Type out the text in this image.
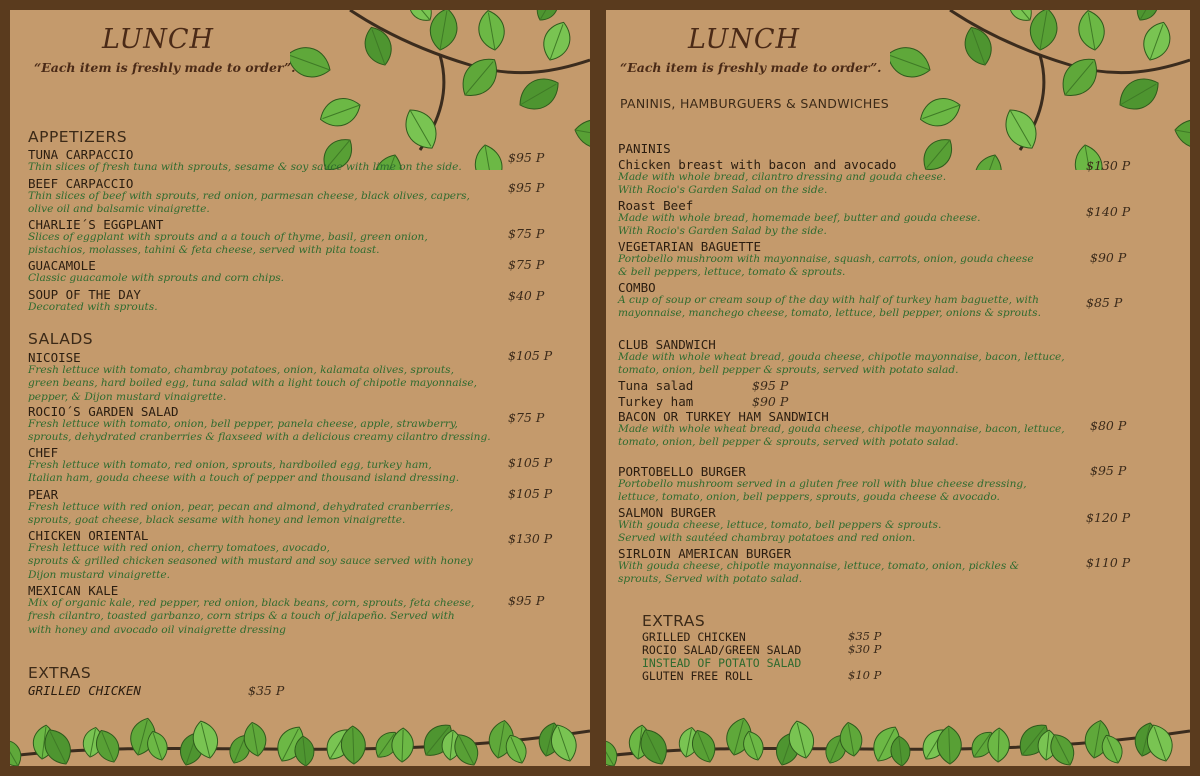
LUNCH
“Each item is freshly made to order”.
APPETIZERS
TUNA CARPACCIO
Thin slices of fresh tuna with sprouts, sesame & soy sauce with lime on the side.
$95 P
BEEF CARPACCIO
Thin slices of beef with sprouts, red onion, parmesan cheese, black olives, capers,
olive oil and balsamic vinaigrette.
$95 P
CHARLIE´S EGGPLANT
Slices of eggplant with sprouts and a a touch of thyme, basil, green onion,
pistachios, molasses, tahini & feta cheese, served with pita toast.
$75 P
GUACAMOLE
Classic guacamole with sprouts and corn chips.
$75 P
SOUP OF THE DAY
Decorated with sprouts.
$40 P
SALADS
NICOISE
Fresh lettuce with tomato, chambray potatoes, onion, kalamata olives, sprouts,
green beans, hard boiled egg, tuna salad with a light touch of chipotle mayonnaise,
pepper, & Dijon mustard vinaigrette.
$105 P
ROCIO´S GARDEN SALAD
Fresh lettuce with tomato, onion, bell pepper, panela cheese, apple, strawberry,
sprouts, dehydrated cranberries & flaxseed with a delicious creamy cilantro dressing.
$75 P
CHEF
Fresh lettuce with tomato, red onion, sprouts, hardboiled egg, turkey ham,
Italian ham, gouda cheese with a touch of pepper and thousand island dressing.
$105 P
PEAR
Fresh lettuce with red onion, pear, pecan and almond, dehydrated cranberries,
sprouts, goat cheese, black sesame with honey and lemon vinaigrette.
$105 P
CHICKEN ORIENTAL
Fresh lettuce with red onion, cherry tomatoes, avocado,
sprouts & grilled chicken seasoned with mustard and soy sauce served with honey
Dijon mustard vinaigrette.
$130 P
MEXICAN KALE
Mix of organic kale, red pepper, red onion, black beans, corn, sprouts, feta cheese,
fresh cilantro, toasted garbanzo, corn strips & a touch of jalapeño. Served with
with honey and avocado oil vinaigrette dressing
$95 P
EXTRAS
GRILLED CHICKEN	$35 P
LUNCH
“Each item is freshly made to order”.
PANINIS, HAMBURGUERS & SANDWICHES
PANINIS
Chicken breast with bacon and avocado
Made with whole bread, cilantro dressing and gouda cheese.
With Rocio's Garden Salad on the side.
$130 P
Roast Beef
Made with whole bread, homemade beef, butter and gouda cheese.
With Rocio's Garden Salad by the side.
$140 P
VEGETARIAN BAGUETTE
Portobello mushroom with mayonnaise, squash, carrots, onion, gouda cheese
& bell peppers, lettuce, tomato & sprouts.
$90 P
COMBO
A cup of soup or cream soup of the day with half of turkey ham baguette, with
mayonnaise, manchego cheese, tomato, lettuce, bell pepper, onions & sprouts.
$85 P
CLUB SANDWICH
Made with whole wheat bread, gouda cheese, chipotle mayonnaise, bacon, lettuce,
tomato, onion, bell pepper & sprouts, served with potato salad.
Tuna salad	$95 P
Turkey ham	$90 P
BACON OR TURKEY HAM SANDWICH
Made with whole wheat bread, gouda cheese, chipotle mayonnaise, bacon, lettuce,
tomato, onion, bell pepper & sprouts, served with potato salad.
$80 P
PORTOBELLO BURGER
Portobello mushroom served in a gluten free roll with blue cheese dressing,
lettuce, tomato, onion, bell peppers, sprouts, gouda cheese & avocado.
$95 P
SALMON BURGER
With gouda cheese, lettuce, tomato, bell peppers & sprouts.
Served with sautéed chambray potatoes and red onion.
$120 P
SIRLOIN AMERICAN BURGER
With gouda cheese, chipotle mayonnaise, lettuce, tomato, onion, pickles &
sprouts, Served with potato salad.
$110 P
EXTRAS
GRILLED CHICKEN	$35 P
ROCIO SALAD/GREEN SALAD	$30 P
INSTEAD OF POTATO SALAD
GLUTEN FREE ROLL	$10 P
